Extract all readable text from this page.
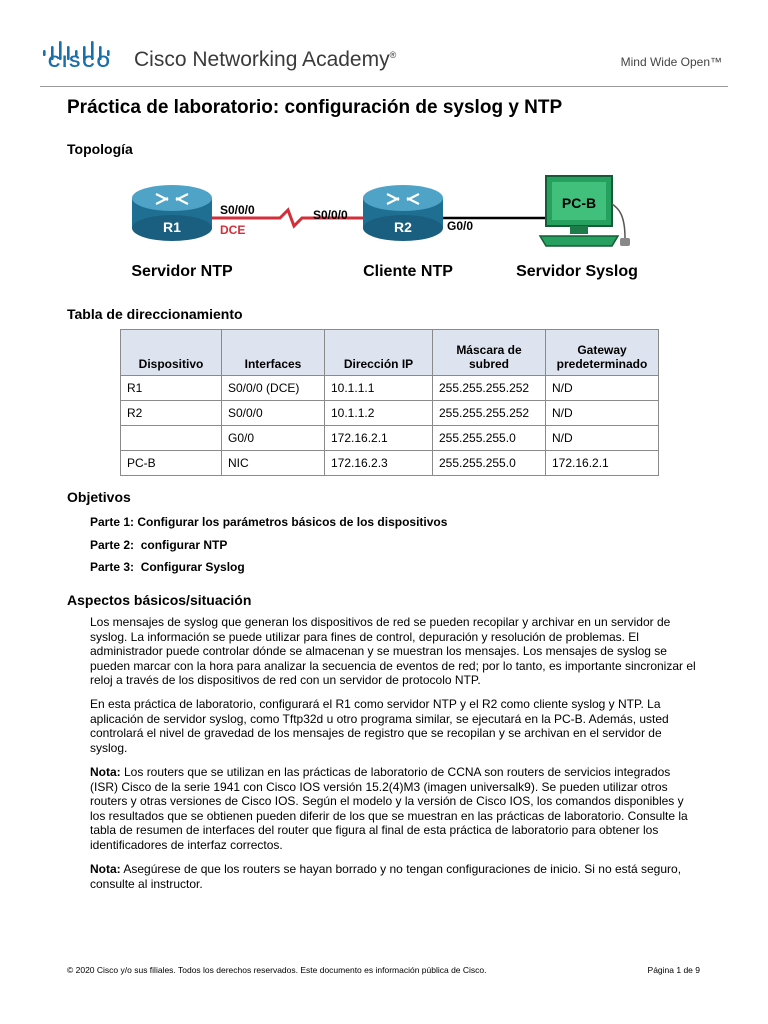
CISCO Cisco Networking Academy®	Mind Wide Open™
Práctica de laboratorio: configuración de syslog y NTP
Topología
R1	R2
PC-B
S0/0/0
DCE
S0/0/0
G0/0
Servidor NTP	Cliente NTP	Servidor Syslog
Tabla de direccionamiento
Dispositivo	Interfaces	Dirección IP	Máscara de subred	Gateway predeterminado
R1	S0/0/0 (DCE)	10.1.1.1	255.255.255.252	N/D
R2	S0/0/0	10.1.1.2	255.255.255.252	N/D
	G0/0	172.16.2.1	255.255.255.0	N/D
PC-B	NIC	172.16.2.3	255.255.255.0	172.16.2.1
Objetivos
Parte 1: Configurar los parámetros básicos de los dispositivos
Parte 2:  configurar NTP
Parte 3:  Configurar Syslog
Aspectos básicos/situación

Los mensajes de syslog que generan los dispositivos de red se pueden recopilar y archivar en un servidor de syslog. La información se puede utilizar para fines de control, depuración y resolución de problemas. El administrador puede controlar dónde se almacenan y se muestran los mensajes. Los mensajes de syslog se pueden marcar con la hora para analizar la secuencia de eventos de red; por lo tanto, es importante sincronizar el reloj a través de los dispositivos de red con un servidor de protocolo NTP.

En esta práctica de laboratorio, configurará el R1 como servidor NTP y el R2 como cliente syslog y NTP. La aplicación de servidor syslog, como Tftp32d u otro programa similar, se ejecutará en la PC-B. Además, usted controlará el nivel de gravedad de los mensajes de registro que se recopilan y se archivan en el servidor de syslog.

Nota: Los routers que se utilizan en las prácticas de laboratorio de CCNA son routers de servicios integrados (ISR) Cisco de la serie 1941 con Cisco IOS versión 15.2(4)M3 (imagen universalk9). Se pueden utilizar otros routers y otras versiones de Cisco IOS. Según el modelo y la versión de Cisco IOS, los comandos disponibles y los resultados que se obtienen pueden diferir de los que se muestran en las prácticas de laboratorio. Consulte la tabla de resumen de interfaces del router que figura al final de esta práctica de laboratorio para obtener los identificadores de interfaz correctos.

Nota: Asegúrese de que los routers se hayan borrado y no tengan configuraciones de inicio. Si no está seguro, consulte al instructor.

© 2020 Cisco y/o sus filiales. Todos los derechos reservados. Este documento es información pública de Cisco.	Página 1 de 9
